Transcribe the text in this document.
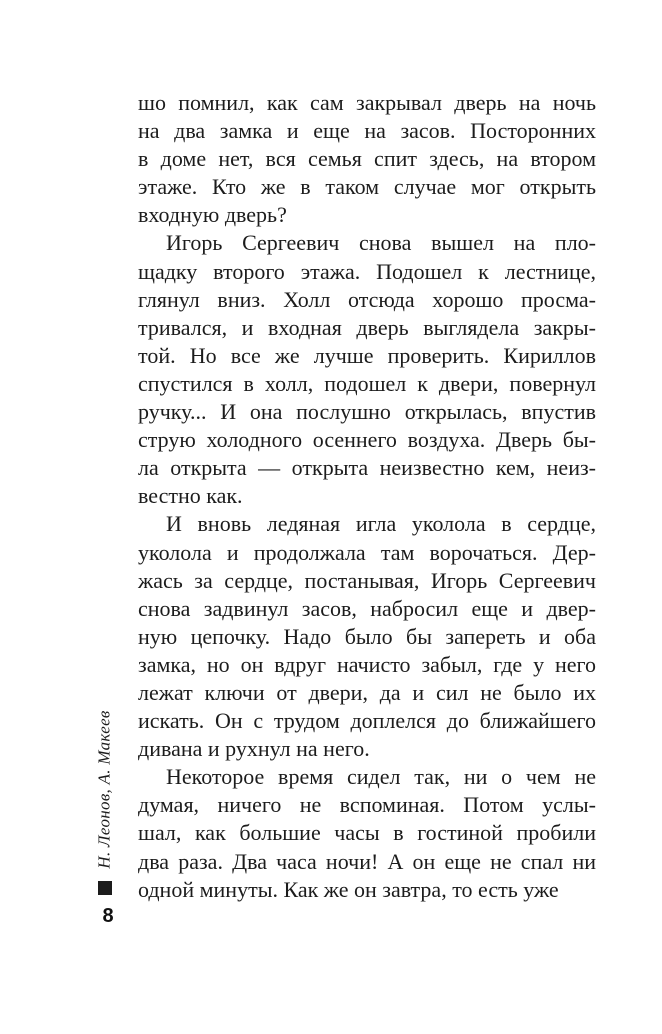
шо помнил, как сам закрывал дверь на ночь
на два замка и еще на засов. Посторонних
в доме нет, вся семья спит здесь, на втором
этаже. Кто же в таком случае мог открыть
входную дверь?
Игорь Сергеевич снова вышел на пло-
щадку второго этажа. Подошел к лестнице,
глянул вниз. Холл отсюда хорошо просма-
тривался, и входная дверь выглядела закры-
той. Но все же лучше проверить. Кириллов
спустился в холл, подошел к двери, повернул
ручку... И она послушно открылась, впустив
струю холодного осеннего воздуха. Дверь бы-
ла открыта — открыта неизвестно кем, неиз-
вестно как.
И вновь ледяная игла уколола в сердце,
уколола и продолжала там ворочаться. Дер-
жась за сердце, постанывая, Игорь Сергеевич
снова задвинул засов, набросил еще и двер-
ную цепочку. Надо было бы запереть и оба
замка, но он вдруг начисто забыл, где у него
лежат ключи от двери, да и сил не было их
искать. Он с трудом доплелся до ближайшего
дивана и рухнул на него.
Некоторое время сидел так, ни о чем не
думая, ничего не вспоминая. Потом услы-
шал, как большие часы в гостиной пробили
два раза. Два часа ночи! А он еще не спал ни
одной минуты. Как же он завтра, то есть уже
Н. Леонов, А. Макеев
8
